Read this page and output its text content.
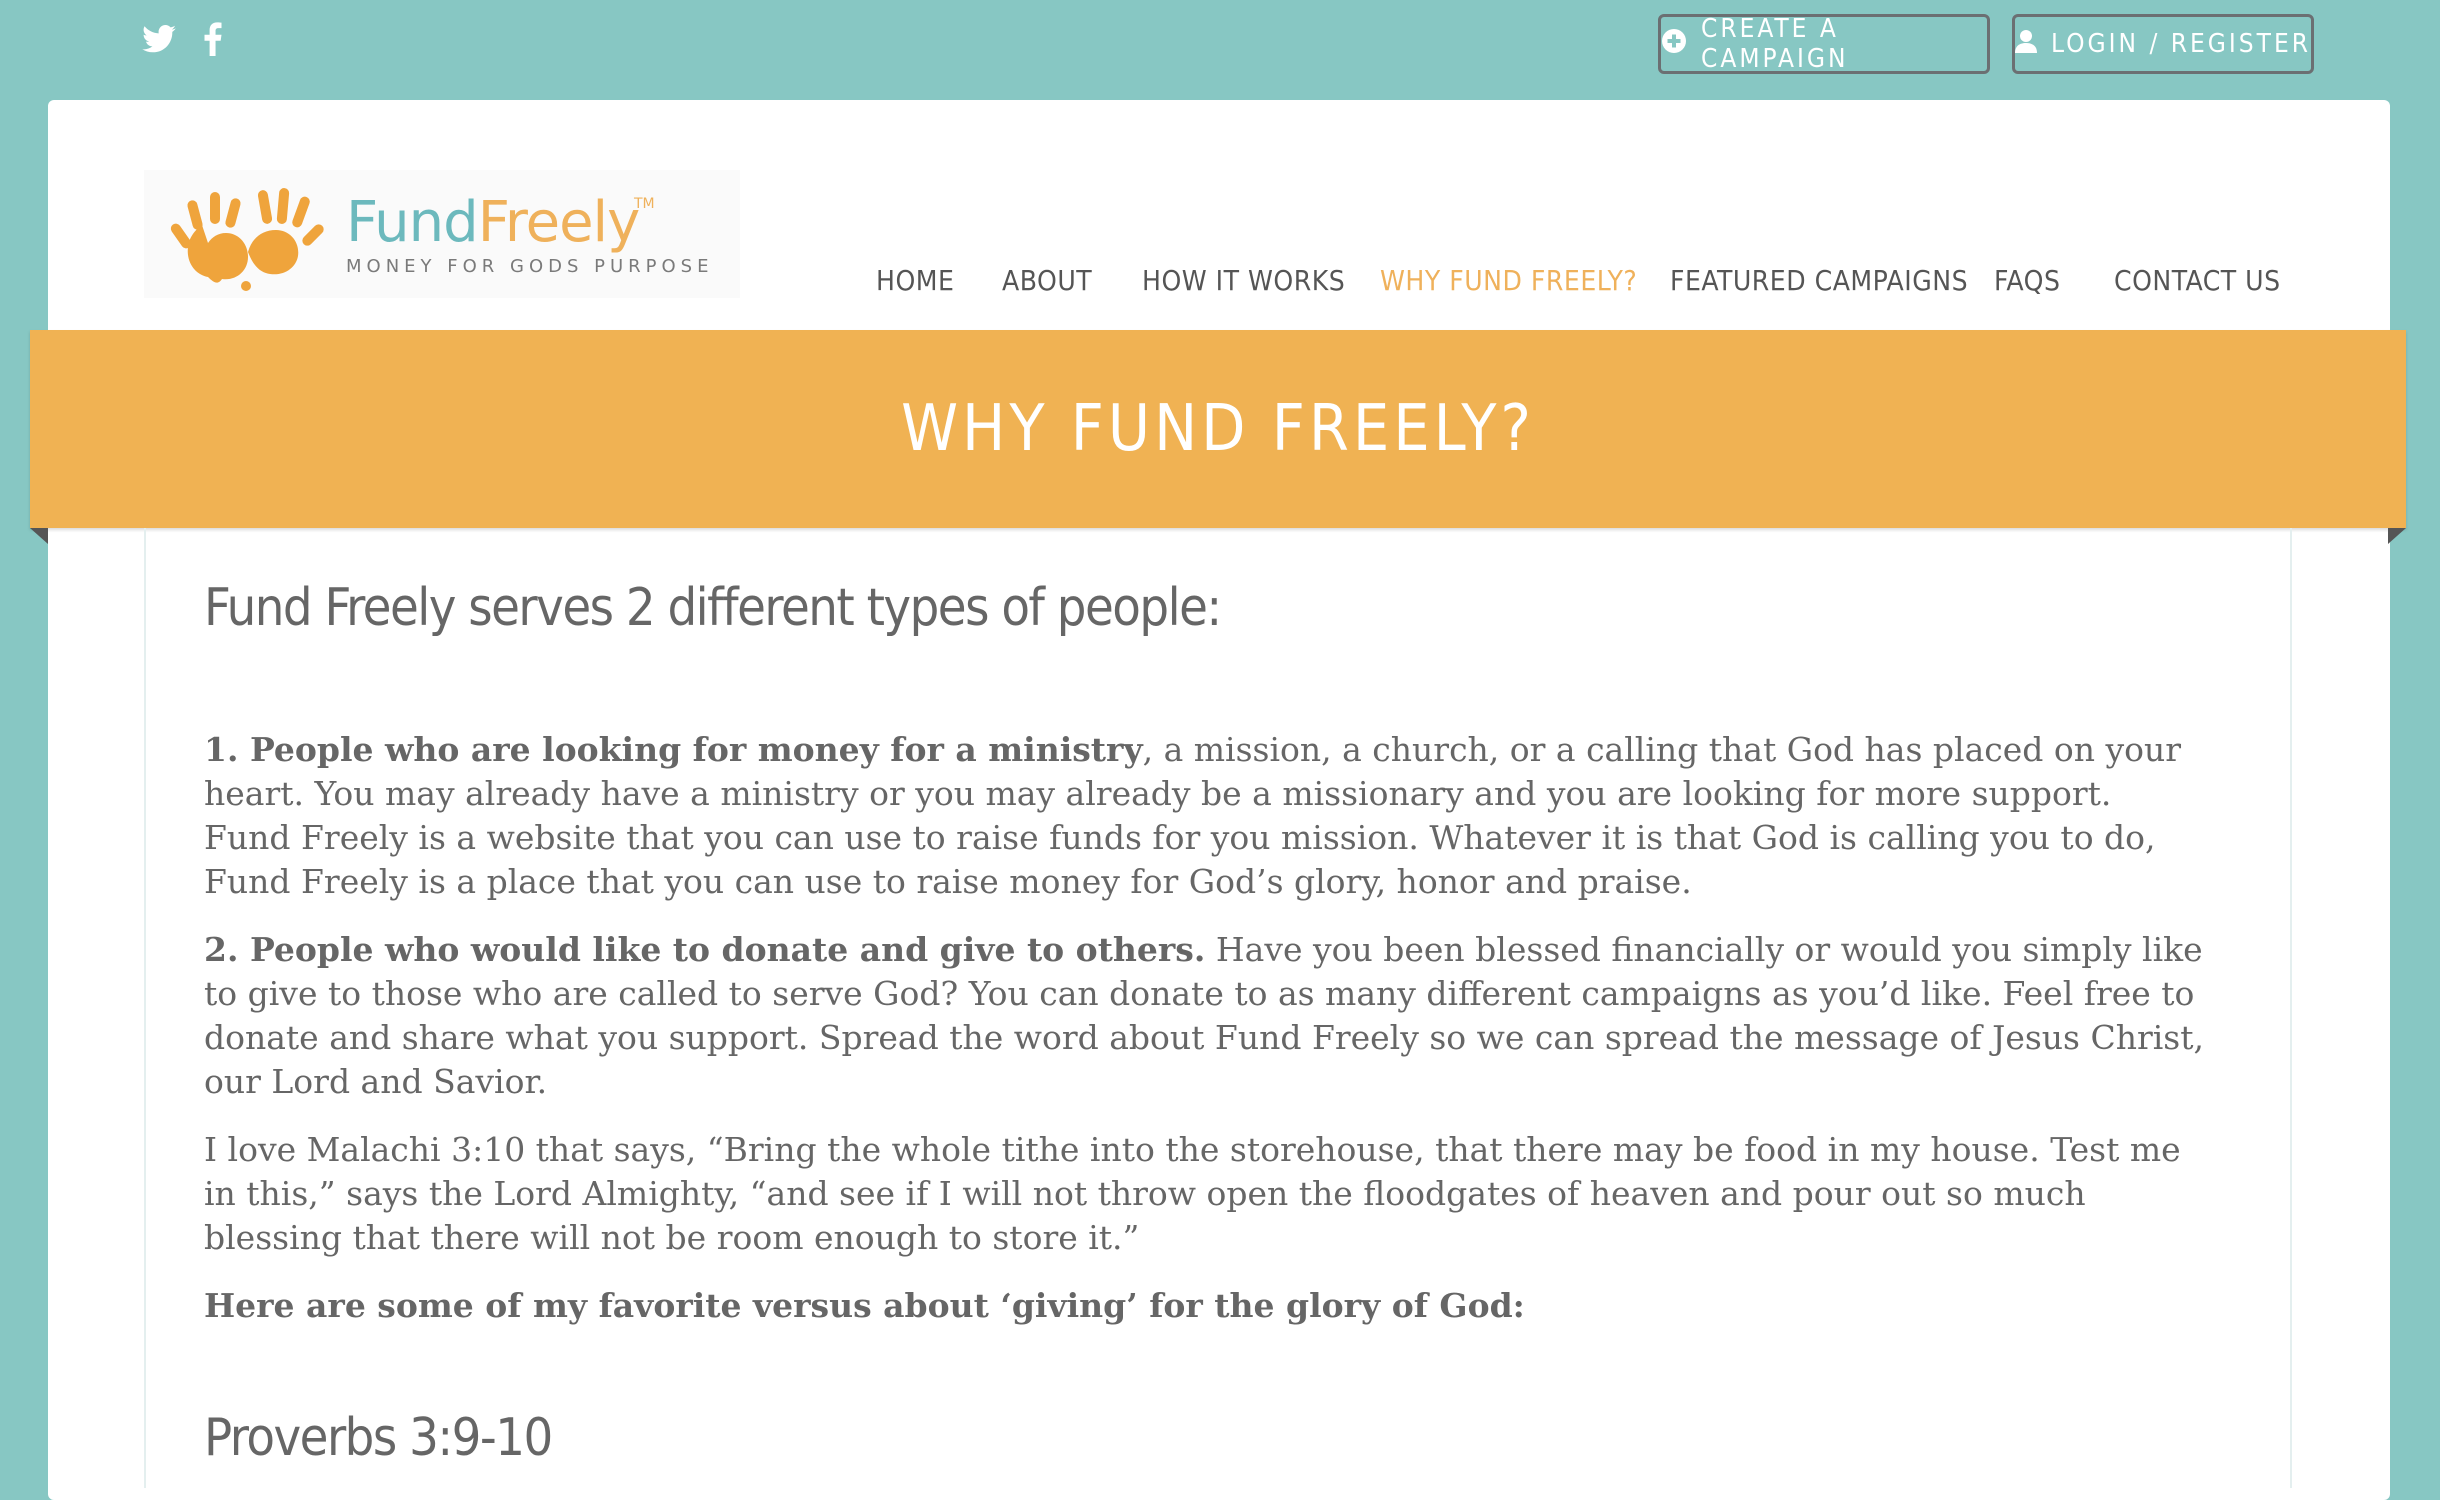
CREATE A CAMPAIGN	LOGIN / REGISTER
FundFreely
MONEY FOR GODS PURPOSE
TM
HOME ABOUT HOW IT WORKS WHY FUND FREELY? FEATURED CAMPAIGNS FAQS CONTACT US
WHY FUND FREELY?
Fund Freely serves 2 different types of people:

1. People who are looking for money for a ministry, a mission, a church, or a calling that God has placed on your heart. You may already have a ministry or you may already be a missionary and you are looking for more support. Fund Freely is a website that you can use to raise funds for you mission. Whatever it is that God is calling you to do, Fund Freely is a place that you can use to raise money for God’s glory, honor and praise.

2. People who would like to donate and give to others. Have you been blessed financially or would you simply like to give to those who are called to serve God? You can donate to as many different campaigns as you’d like. Feel free to donate and share what you support. Spread the word about Fund Freely so we can spread the message of Jesus Christ, our Lord and Savior.

I love Malachi 3:10 that says, “Bring the whole tithe into the storehouse, that there may be food in my house. Test me in this,” says the Lord Almighty, “and see if I will not throw open the floodgates of heaven and pour out so much blessing that there will not be room enough to store it.”

Here are some of my favorite versus about ‘giving’ for the glory of God:

Proverbs 3:9-10
